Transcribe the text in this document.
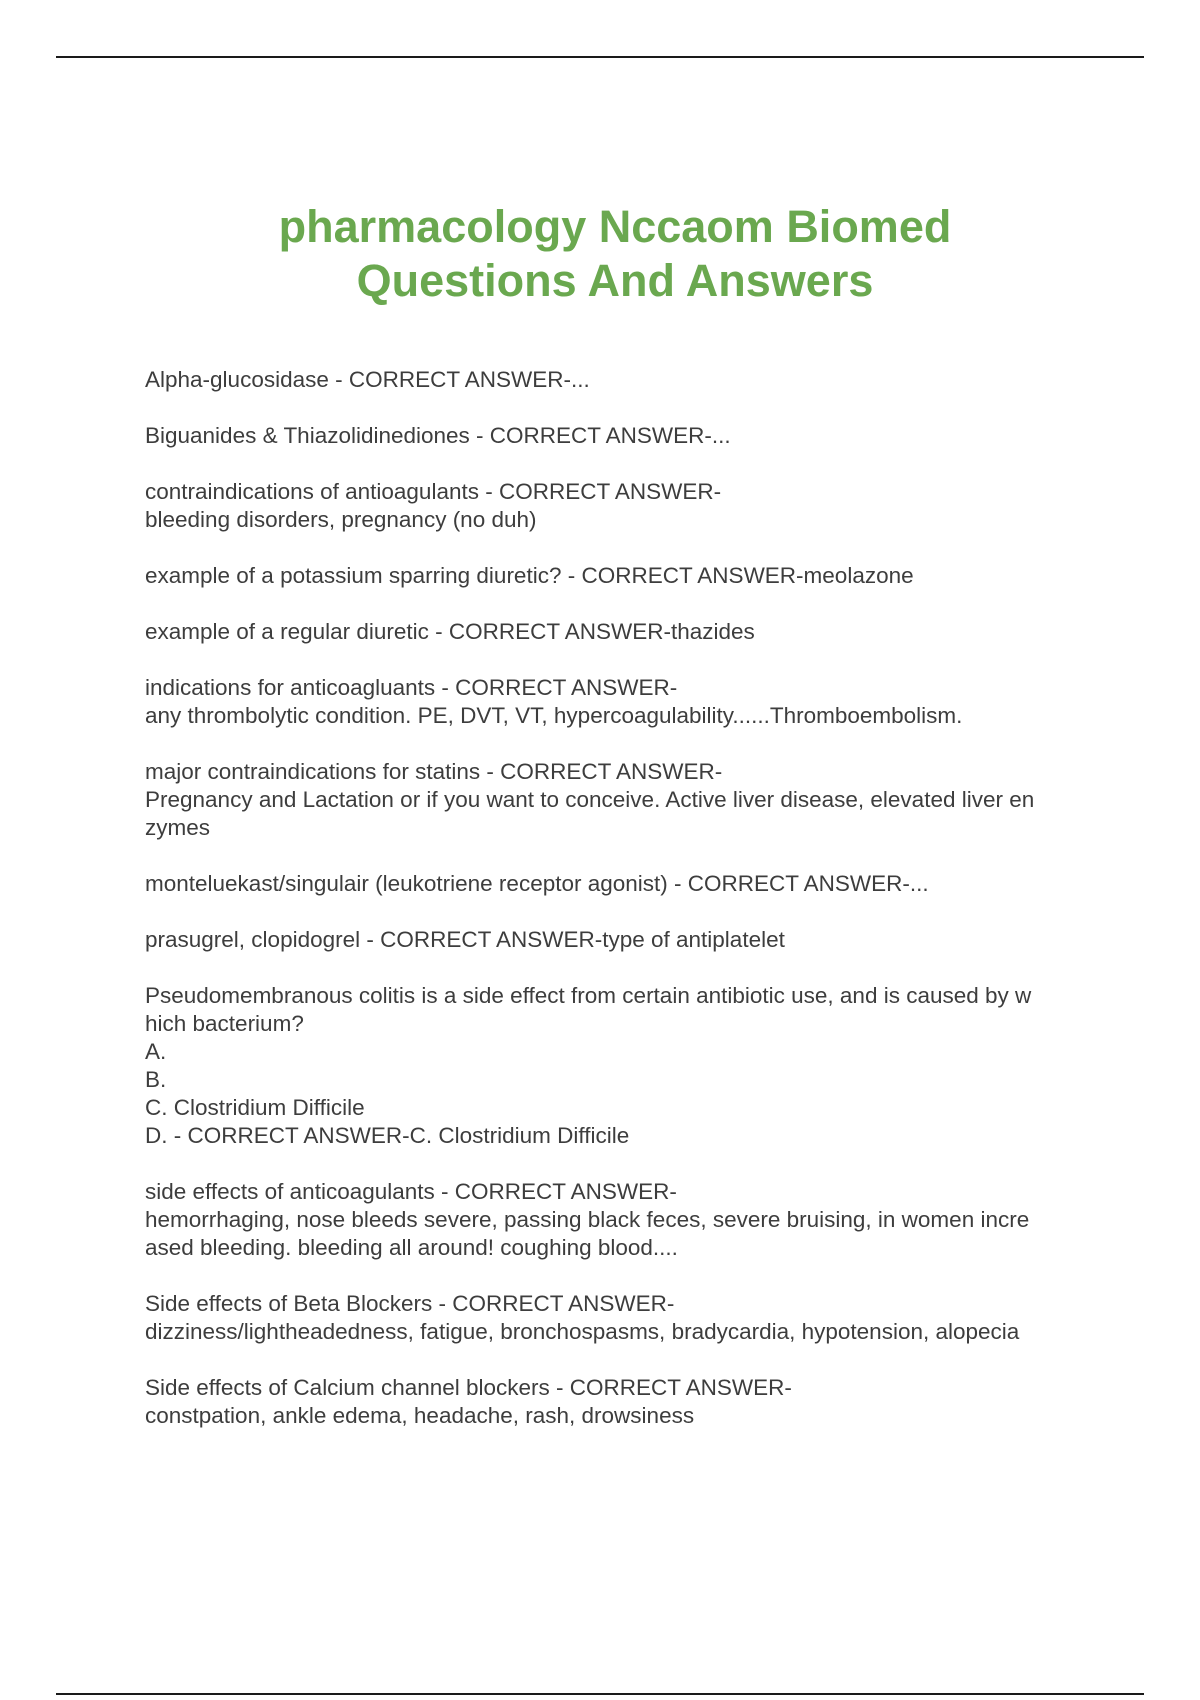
pharmacology Nccaom Biomed
Questions And Answers
Alpha-glucosidase - CORRECT ANSWER-...
Biguanides & Thiazolidinediones - CORRECT ANSWER-...
contraindications of antioagulants - CORRECT ANSWER-
bleeding disorders, pregnancy (no duh)
example of a potassium sparring diuretic? - CORRECT ANSWER-meolazone
example of a regular diuretic - CORRECT ANSWER-thazides
indications for anticoagluants - CORRECT ANSWER-
any thrombolytic condition. PE, DVT, VT, hypercoagulability......Thromboembolism.
major contraindications for statins - CORRECT ANSWER-
Pregnancy and Lactation or if you want to conceive. Active liver disease, elevated liver en
zymes
monteluekast/singulair (leukotriene receptor agonist) - CORRECT ANSWER-...
prasugrel, clopidogrel - CORRECT ANSWER-type of antiplatelet
Pseudomembranous colitis is a side effect from certain antibiotic use, and is caused by w
hich bacterium?
A.
B.
C. Clostridium Difficile
D. - CORRECT ANSWER-C. Clostridium Difficile
side effects of anticoagulants - CORRECT ANSWER-
hemorrhaging, nose bleeds severe, passing black feces, severe bruising, in women incre
ased bleeding. bleeding all around! coughing blood....
Side effects of Beta Blockers - CORRECT ANSWER-
dizziness/lightheadedness, fatigue, bronchospasms, bradycardia, hypotension, alopecia
Side effects of Calcium channel blockers - CORRECT ANSWER-
constpation, ankle edema, headache, rash, drowsiness
